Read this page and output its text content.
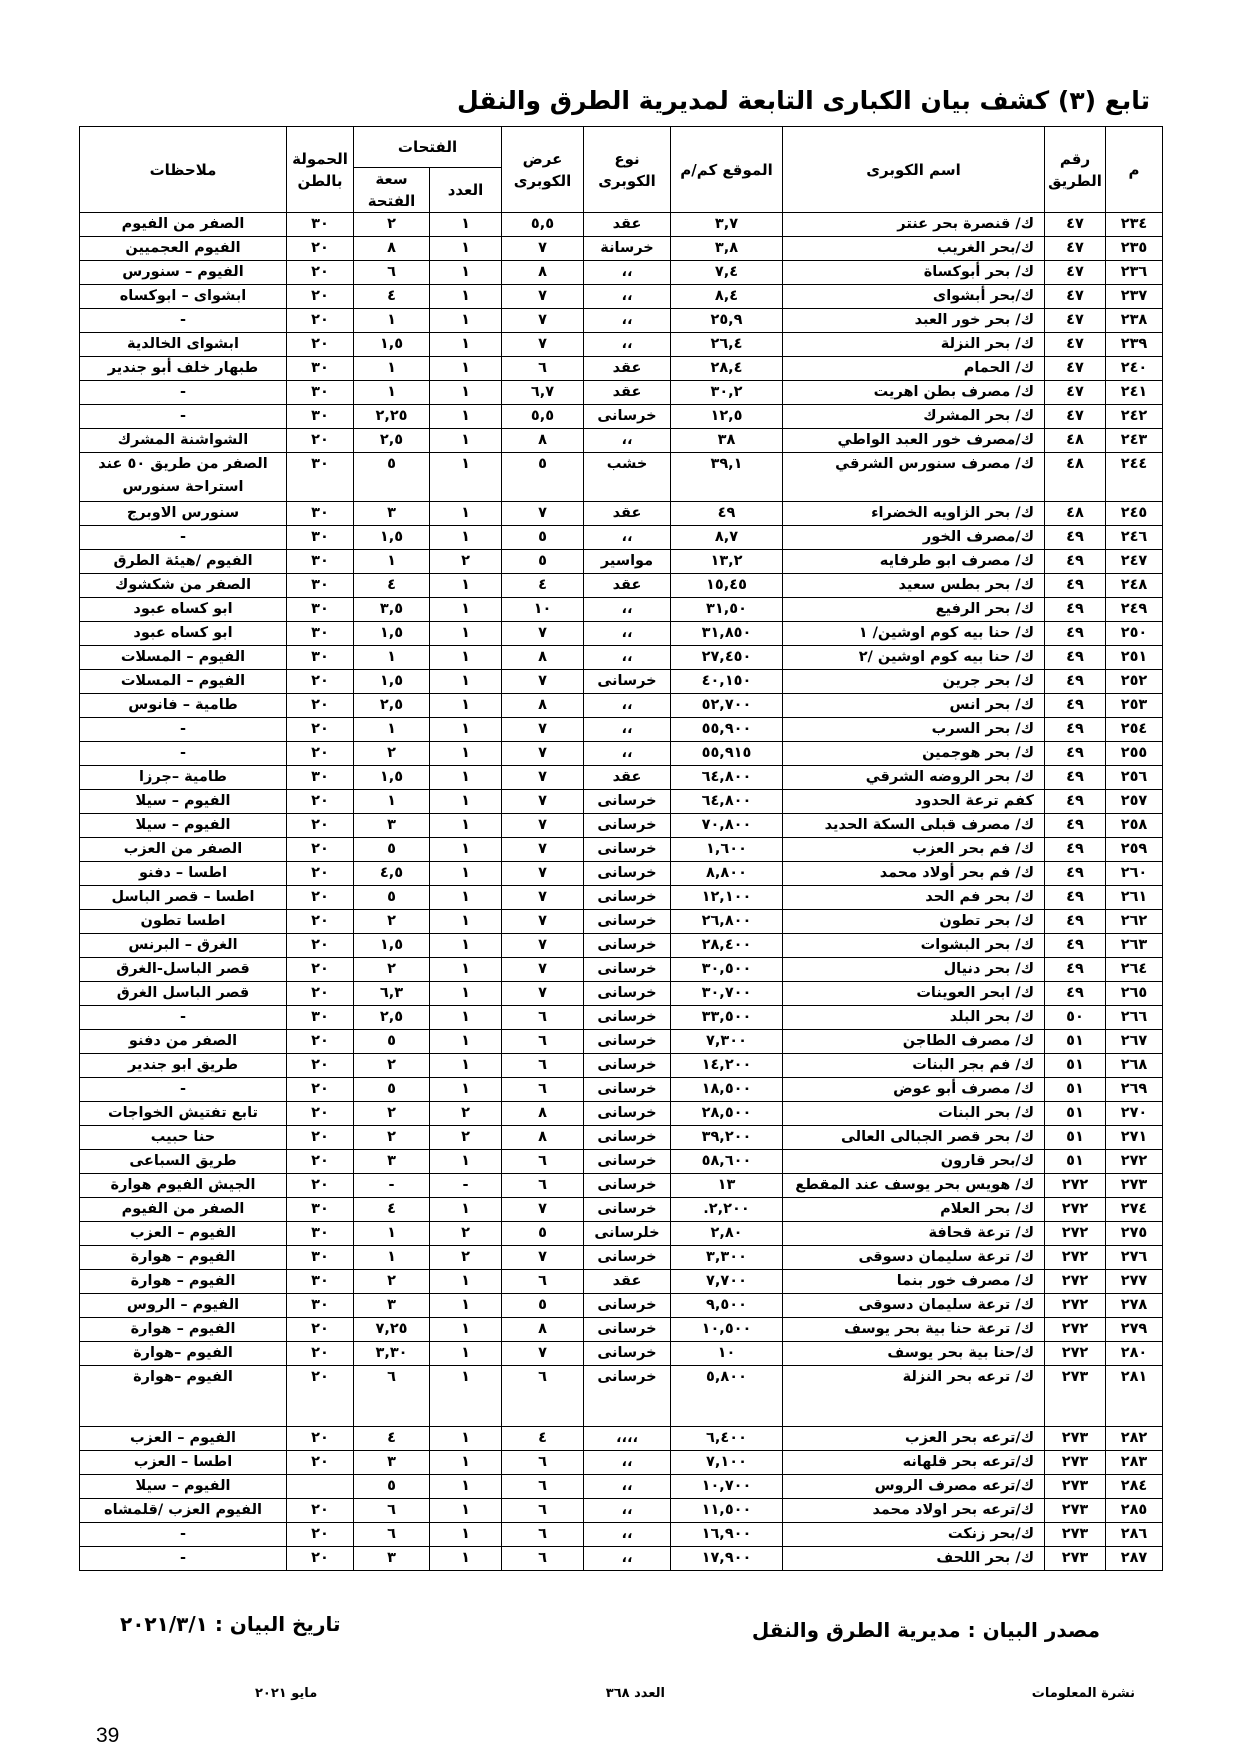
تابع (٣) كشف بيان الكبارى التابعة لمديرية الطرق والنقل
م	رقم الطريق	اسم الكوبرى	الموقع كم/م	نوع الكوبرى	عرض الكوبرى	الفتحات		الحمولة بالطن	ملاحظات
						العدد	سعة الفتحة		
٢٣٤	٤٧	ك/ قنصرة بحر عنتر	٣,٧	عقد	٥,٥	١	٢	٣٠	الصفر من الفيوم
٢٣٥	٤٧	ك/بحر الغريب	٣,٨	خرسانة	٧	١	٨	٢٠	الفيوم العجميين
٢٣٦	٤٧	ك/ بحر أبوكساة	٧,٤	،،	٨	١	٦	٢٠	الفيوم – سنورس
٢٣٧	٤٧	ك/بحر أبشواى	٨,٤	،،	٧	١	٤	٢٠	ابشواى – ابوكساه
٢٣٨	٤٧	ك/ بحر خور العبد	٢٥,٩	،،	٧	١	١	٢٠	-
٢٣٩	٤٧	ك/ بحر النزلة	٢٦,٤	،،	٧	١	١,٥	٢٠	ابشواى الخالدية
٢٤٠	٤٧	ك/ الحمام	٢٨,٤	عقد	٦	١	١	٣٠	طبهار خلف أبو جندير
٢٤١	٤٧	ك/ مصرف بطن اهريت	٣٠,٢	عقد	٦,٧	١	١	٣٠	-
٢٤٢	٤٧	ك/ بحر المشرك	١٢,٥	خرسانى	٥,٥	١	٢,٢٥	٣٠	-
٢٤٣	٤٨	ك/مصرف خور العبد الواطي	٣٨	،،	٨	١	٢,٥	٢٠	الشواشنة المشرك
٢٤٤	٤٨	ك/ مصرف سنورس الشرقي	٣٩,١	خشب	٥	١	٥	٣٠	الصفر من طريق ٥٠ عند استراحة سنورس
٢٤٥	٤٨	ك/ بحر الزاويه الخضراء	٤٩	عقد	٧	١	٣	٣٠	سنورس الاوبرج
٢٤٦	٤٩	ك/مصرف الخور	٨,٧	،،	٥	١	١,٥	٣٠	-
٢٤٧	٤٩	ك/ مصرف ابو طرفايه	١٣,٢	مواسير	٥	٢	١	٣٠	الفيوم /هيئة الطرق
٢٤٨	٤٩	ك/ بحر بطس سعيد	١٥,٤٥	عقد	٤	١	٤	٣٠	الصفر من شكشوك
٢٤٩	٤٩	ك/ بحر الرفيع	٣١,٥٠	،،	١٠	١	٣,٥	٣٠	ابو كساه عبود
٢٥٠	٤٩	ك/ حنا بيه كوم اوشين/ ١	٣١,٨٥٠	،،	٧	١	١,٥	٣٠	ابو كساه عبود
٢٥١	٤٩	ك/ حنا بيه كوم اوشين /٢	٢٧,٤٥٠	،،	٨	١	١	٣٠	الفيوم – المسلات
٢٥٢	٤٩	ك/ بحر جرين	٤٠,١٥٠	خرسانى	٧	١	١,٥	٢٠	الفيوم – المسلات
٢٥٣	٤٩	ك/ بحر انس	٥٢,٧٠٠	،،	٨	١	٢,٥	٢٠	طامية – فانوس
٢٥٤	٤٩	ك/ بحر السرب	٥٥,٩٠٠	،،	٧	١	١	٢٠	-
٢٥٥	٤٩	ك/ بحر هوجمين	٥٥,٩١٥	،،	٧	١	٢	٢٠	-
٢٥٦	٤٩	ك/ بحر الروضه الشرقي	٦٤,٨٠٠	عقد	٧	١	١,٥	٣٠	طامية –جرزا
٢٥٧	٤٩	كفم ترعة الحدود	٦٤,٨٠٠	خرسانى	٧	١	١	٢٠	الفيوم – سيلا
٢٥٨	٤٩	ك/ مصرف قبلى السكة الحديد	٧٠,٨٠٠	خرسانى	٧	١	٣	٢٠	الفيوم – سيلا
٢٥٩	٤٩	ك/ فم بحر العزب	١,٦٠٠	خرسانى	٧	١	٥	٢٠	الصفر من العزب
٢٦٠	٤٩	ك/ فم بحر أولاد محمد	٨,٨٠٠	خرسانى	٧	١	٤,٥	٢٠	اطسا – دفنو
٢٦١	٤٩	ك/ بحر فم الحد	١٢,١٠٠	خرسانى	٧	١	٥	٢٠	اطسا – قصر الباسل
٢٦٢	٤٩	ك/ بحر تطون	٢٦,٨٠٠	خرسانى	٧	١	٢	٢٠	اطسا تطون
٢٦٣	٤٩	ك/ بحر البشوات	٢٨,٤٠٠	خرسانى	٧	١	١,٥	٢٠	الغرق – البرنس
٢٦٤	٤٩	ك/ بحر دنيال	٣٠,٥٠٠	خرسانى	٧	١	٢	٢٠	قصر الباسل-الغرق
٢٦٥	٤٩	ك/ ابحر العوينات	٣٠,٧٠٠	خرسانى	٧	١	٦,٣	٢٠	قصر الباسل الغرق
٢٦٦	٥٠	ك/ بحر البلد	٣٣,٥٠٠	خرسانى	٦	١	٢,٥	٣٠	-
٢٦٧	٥١	ك/ مصرف الطاجن	٧,٣٠٠	خرسانى	٦	١	٥	٢٠	الصفر من دفنو
٢٦٨	٥١	ك/ فم بجر البنات	١٤,٢٠٠	خرسانى	٦	١	٢	٢٠	طريق ابو جندير
٢٦٩	٥١	ك/ مصرف أبو عوض	١٨,٥٠٠	خرسانى	٦	١	٥	٢٠	-
٢٧٠	٥١	ك/ بحر البنات	٢٨,٥٠٠	خرسانى	٨	٢	٢	٢٠	تابع تفتيش الخواجات
٢٧١	٥١	ك/ بحر قصر الجبالى العالى	٣٩,٢٠٠	خرسانى	٨	٢	٢	٢٠	حنا حبيب
٢٧٢	٥١	ك/بحر قارون	٥٨,٦٠٠	خرسانى	٦	١	٣	٢٠	طريق السباعى
٢٧٣	٢٧٢	ك/ هويس بحر يوسف عند المقطع	١٣	خرسانى	٦	-	-	٢٠	الجيش الفيوم هوارة
٢٧٤	٢٧٢	ك/ بحر العلام	٢,٢٠٠.	خرسانى	٧	١	٤	٣٠	الصفر من الفيوم
٢٧٥	٢٧٢	ك/ ترعة قحافة	٢,٨٠	خلرسانى	٥	٢	١	٣٠	الفيوم – العزب
٢٧٦	٢٧٢	ك/ ترعة سليمان دسوقى	٣,٣٠٠	خرسانى	٧	٢	١	٣٠	الفيوم – هوارة
٢٧٧	٢٧٢	ك/ مصرف خور بنما	٧,٧٠٠	عقد	٦	١	٢	٣٠	الفيوم – هوارة
٢٧٨	٢٧٢	ك/ ترعة سليمان دسوقى	٩,٥٠٠	خرسانى	٥	١	٣	٣٠	الفيوم – الروس
٢٧٩	٢٧٢	ك/ ترعة حنا بية بحر يوسف	١٠,٥٠٠	خرسانى	٨	١	٧,٢٥	٢٠	الفيوم – هوارة
٢٨٠	٢٧٢	ك/حنا بية بحر يوسف	١٠	خرسانى	٧	١	٣,٣٠	٢٠	الفيوم –هوارة
٢٨١	٢٧٣	ك/ ترعه بحر النزلة	٥,٨٠٠	خرسانى	٦	١	٦	٢٠	الفيوم –هوارة
٢٨٢	٢٧٣	ك/ترعه بحر العزب	٦,٤٠٠	،،،،	٤	١	٤	٢٠	الفيوم – العزب
٢٨٣	٢٧٣	ك/ترعه بحر قلهانه	٧,١٠٠	،،	٦	١	٣	٢٠	اطسا – العزب
٢٨٤	٢٧٣	ك/ترعه مصرف الروس	١٠,٧٠٠	،،	٦	١	٥		الفيوم – سيلا
٢٨٥	٢٧٣	ك/ترعه بحر اولاد محمد	١١,٥٠٠	،،	٦	١	٦	٢٠	الفيوم العزب /قلمشاه
٢٨٦	٢٧٣	ك/بحر زنكت	١٦,٩٠٠	،،	٦	١	٦	٢٠	-
٢٨٧	٢٧٣	ك/ بحر اللحف	١٧,٩٠٠	،،	٦	١	٣	٢٠	-
مصدر البيان : مديرية الطرق والنقل
تاريخ البيان : ٢٠٢١/٣/١
نشرة المعلومات
العدد ٣٦٨
مايو ٢٠٢١
39
